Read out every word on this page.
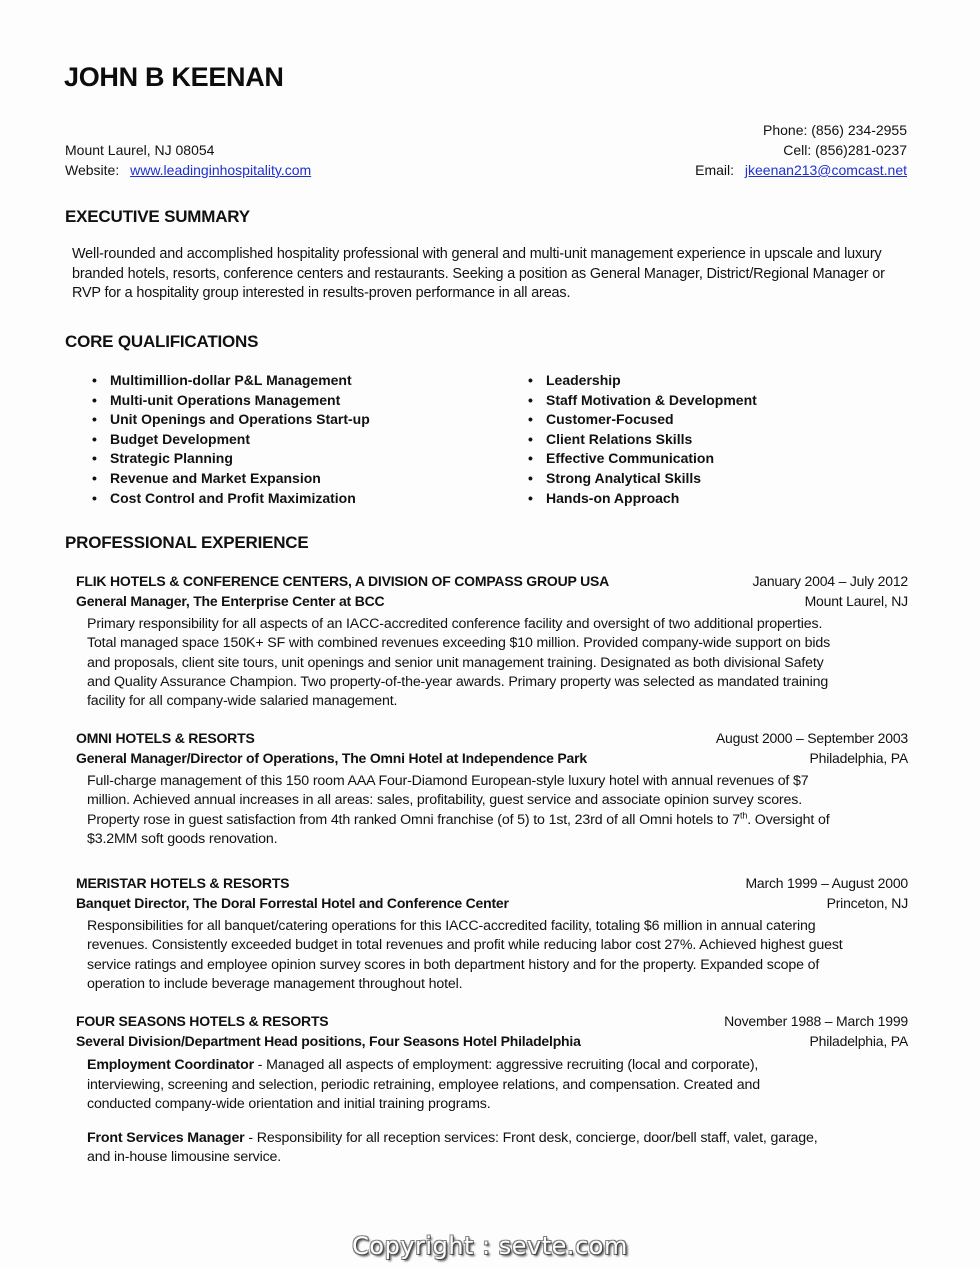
JOHN B KEENAN
Mount Laurel, NJ 08054
Website: www.leadinginhospitality.com
Phone: (856) 234-2955
Cell: (856)281-0237
Email: jkeenan213@comcast.net
EXECUTIVE SUMMARY
Well-rounded and accomplished hospitality professional with general and multi-unit management experience in upscale and luxury branded hotels, resorts, conference centers and restaurants. Seeking a position as General Manager, District/Regional Manager or RVP for a hospitality group interested in results-proven performance in all areas.
CORE QUALIFICATIONS
• Multimillion-dollar P&L Management
• Multi-unit Operations Management
• Unit Openings and Operations Start-up
• Budget Development
• Strategic Planning
• Revenue and Market Expansion
• Cost Control and Profit Maximization
• Leadership
• Staff Motivation & Development
• Customer-Focused
• Client Relations Skills
• Effective Communication
• Strong Analytical Skills
• Hands-on Approach
PROFESSIONAL EXPERIENCE
FLIK HOTELS & CONFERENCE CENTERS, A DIVISION OF COMPASS GROUP USA	January 2004 – July 2012
General Manager, The Enterprise Center at BCC	Mount Laurel, NJ
Primary responsibility for all aspects of an IACC-accredited conference facility and oversight of two additional properties. Total managed space 150K+ SF with combined revenues exceeding $10 million. Provided company-wide support on bids and proposals, client site tours, unit openings and senior unit management training. Designated as both divisional Safety and Quality Assurance Champion. Two property-of-the-year awards. Primary property was selected as mandated training facility for all company-wide salaried management.
OMNI HOTELS & RESORTS	August 2000 – September 2003
General Manager/Director of Operations, The Omni Hotel at Independence Park	Philadelphia, PA
Full-charge management of this 150 room AAA Four-Diamond European-style luxury hotel with annual revenues of $7 million. Achieved annual increases in all areas: sales, profitability, guest service and associate opinion survey scores. Property rose in guest satisfaction from 4th ranked Omni franchise (of 5) to 1st, 23rd of all Omni hotels to 7th. Oversight of $3.2MM soft goods renovation.
MERISTAR HOTELS & RESORTS	March 1999 – August 2000
Banquet Director, The Doral Forrestal Hotel and Conference Center	Princeton, NJ
Responsibilities for all banquet/catering operations for this IACC-accredited facility, totaling $6 million in annual catering revenues. Consistently exceeded budget in total revenues and profit while reducing labor cost 27%. Achieved highest guest service ratings and employee opinion survey scores in both department history and for the property. Expanded scope of operation to include beverage management throughout hotel.
FOUR SEASONS HOTELS & RESORTS	November 1988 – March 1999
Several Division/Department Head positions, Four Seasons Hotel Philadelphia	Philadelphia, PA
Employment Coordinator - Managed all aspects of employment: aggressive recruiting (local and corporate), interviewing, screening and selection, periodic retraining, employee relations, and compensation. Created and conducted company-wide orientation and initial training programs.
Front Services Manager - Responsibility for all reception services: Front desk, concierge, door/bell staff, valet, garage, and in-house limousine service.
Copyright : sevte.com
